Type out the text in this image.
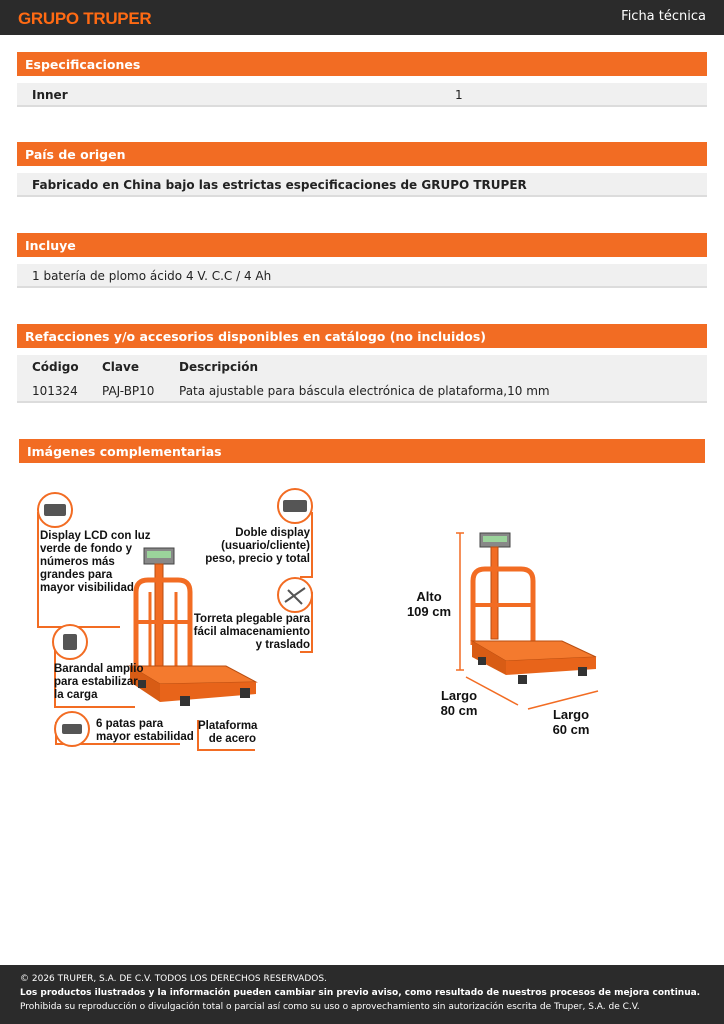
GRUPO TRUPER	Ficha técnica
Especificaciones
Inner	1
País de origen
Fabricado en China bajo las estrictas especificaciones de GRUPO TRUPER
Incluye
1 batería de plomo ácido 4 V. C.C / 4 Ah
Refacciones y/o accesorios disponibles en catálogo (no incluidos)
Código Clave	Descripción
101324 PAJ-BP10 Pata ajustable para báscula electrónica de plataforma,10 mm
Imágenes complementarias
Display LCD con luz
verde de fondo y
números más
grandes para
mayor visibilidad
Doble display
(usuario/cliente)
peso, precio y total
Torreta plegable para
fácil almacenamiento
y traslado
Barandal amplio
para estabilizar
la carga
6 patas para
mayor estabilidad
Plataforma
de acero
Alto
109 cm
Largo
80 cm	Largo
60 cm
© 2026 TRUPER, S.A. DE C.V. TODOS LOS DERECHOS RESERVADOS.
Los productos ilustrados y la información pueden cambiar sin previo aviso, como resultado de nuestros procesos de mejora continua.
Prohibida su reproducción o divulgación total o parcial así como su uso o aprovechamiento sin autorización escrita de Truper, S.A. de C.V.
